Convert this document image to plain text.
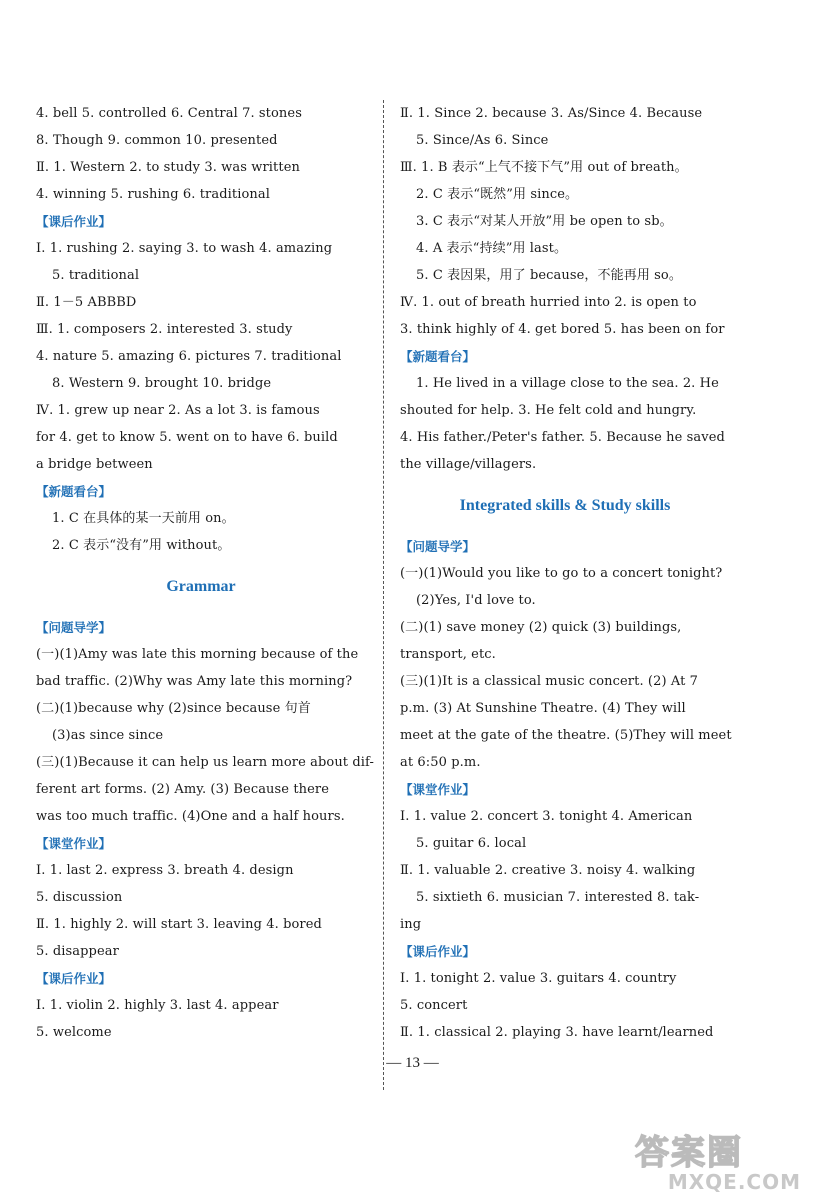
4. bell 5. controlled 6. Central 7. stones
8. Though 9. common 10. presented
Ⅱ. 1. Western 2. to study 3. was written
4. winning 5. rushing 6. traditional
【课后作业】
Ⅰ. 1. rushing 2. saying 3. to wash 4. amazing
5. traditional
Ⅱ. 1－5 ABBBD
Ⅲ. 1. composers 2. interested 3. study
4. nature 5. amazing 6. pictures 7. traditional
8. Western 9. brought 10. bridge
Ⅳ. 1. grew up near 2. As a lot 3. is famous
for 4. get to know 5. went on to have 6. build
a bridge between
【新题看台】
1. C 在具体的某一天前用 on。
2. C 表示“没有”用 without。
Grammar
【问题导学】
(一)(1)Amy was late this morning because of the
bad traffic. (2)Why was Amy late this morning?
(二)(1)because why (2)since because 句首
(3)as since since
(三)(1)Because it can help us learn more about dif-
ferent art forms. (2) Amy. (3) Because there
was too much traffic. (4)One and a half hours.
【课堂作业】
Ⅰ. 1. last 2. express 3. breath 4. design
5. discussion
Ⅱ. 1. highly 2. will start 3. leaving 4. bored
5. disappear
【课后作业】
Ⅰ. 1. violin 2. highly 3. last 4. appear
5. welcome
Ⅱ. 1. Since 2. because 3. As/Since 4. Because
5. Since/As 6. Since
Ⅲ. 1. B 表示“上气不接下气”用 out of breath。
2. C 表示“既然”用 since。
3. C 表示“对某人开放”用 be open to sb。
4. A 表示“持续”用 last。
5. C 表因果，用了 because，不能再用 so。
Ⅳ. 1. out of breath hurried into 2. is open to
3. think highly of 4. get bored 5. has been on for
【新题看台】
1. He lived in a village close to the sea. 2. He
shouted for help. 3. He felt cold and hungry.
4. His father./Peter's father. 5. Because he saved
the village/villagers.
Integrated skills & Study skills
【问题导学】
(一)(1)Would you like to go to a concert tonight?
(2)Yes, I'd love to.
(二)(1) save money (2) quick (3) buildings,
transport, etc.
(三)(1)It is a classical music concert. (2) At 7
p.m. (3) At Sunshine Theatre. (4) They will
meet at the gate of the theatre. (5)They will meet
at 6:50 p.m.
【课堂作业】
Ⅰ. 1. value 2. concert 3. tonight 4. American
5. guitar 6. local
Ⅱ. 1. valuable 2. creative 3. noisy 4. walking
5. sixtieth 6. musician 7. interested 8. tak-
ing
【课后作业】
Ⅰ. 1. tonight 2. value 3. guitars 4. country
5. concert
Ⅱ. 1. classical 2. playing 3. have learnt/learned
— 13 —
答案圈
MXQE.COM
